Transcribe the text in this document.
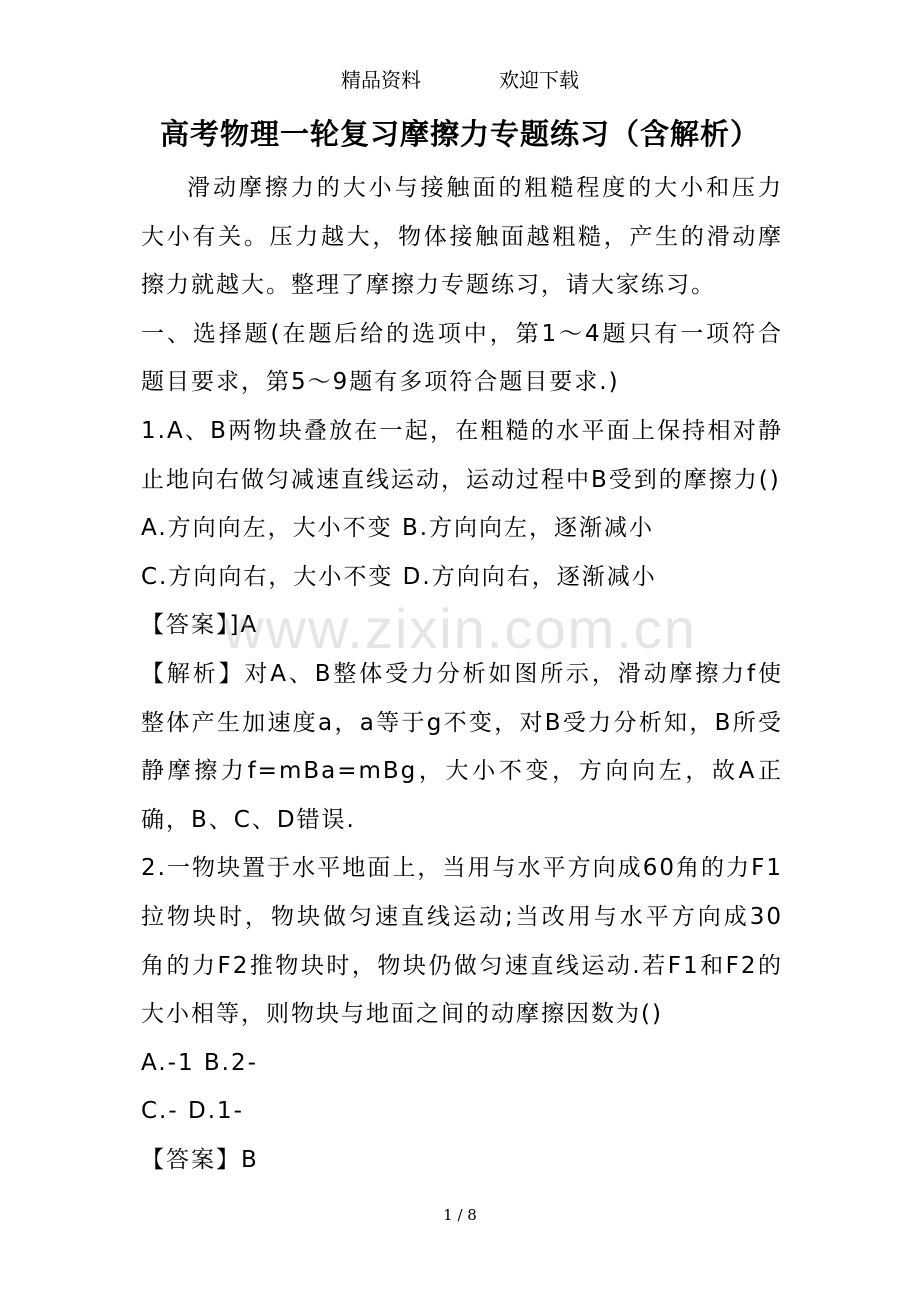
精品资料	欢迎下载
高考物理一轮复习摩擦力专题练习（含解析）

滑动摩擦力的大小与接触面的粗糙程度的大小和压力大小有关。压力越大，物体接触面越粗糙，产生的滑动摩擦力就越大。整理了摩擦力专题练习，请大家练习。

一、选择题(在题后给的选项中，第1～4题只有一项符合题目要求，第5～9题有多项符合题目要求.)

1.A、B两物块叠放在一起，在粗糙的水平面上保持相对静止地向右做匀减速直线运动，运动过程中B受到的摩擦力()

A.方向向左，大小不变 B.方向向左，逐渐减小

C.方向向右，大小不变 D.方向向右，逐渐减小

【答案】]A

【解析】对A、B整体受力分析如图所示，滑动摩擦力f使整体产生加速度a，a等于g不变，对B受力分析知，B所受静摩擦力f=mBa=mBg，大小不变，方向向左，故A正确，B、C、D错误.

2.一物块置于水平地面上，当用与水平方向成60角的力F1拉物块时，物块做匀速直线运动;当改用与水平方向成30角的力F2推物块时，物块仍做匀速直线运动.若F1和F2的大小相等，则物块与地面之间的动摩擦因数为()

A.-1 B.2-

C.- D.1-

【答案】B

www.zixin.com.cn
1 / 8
